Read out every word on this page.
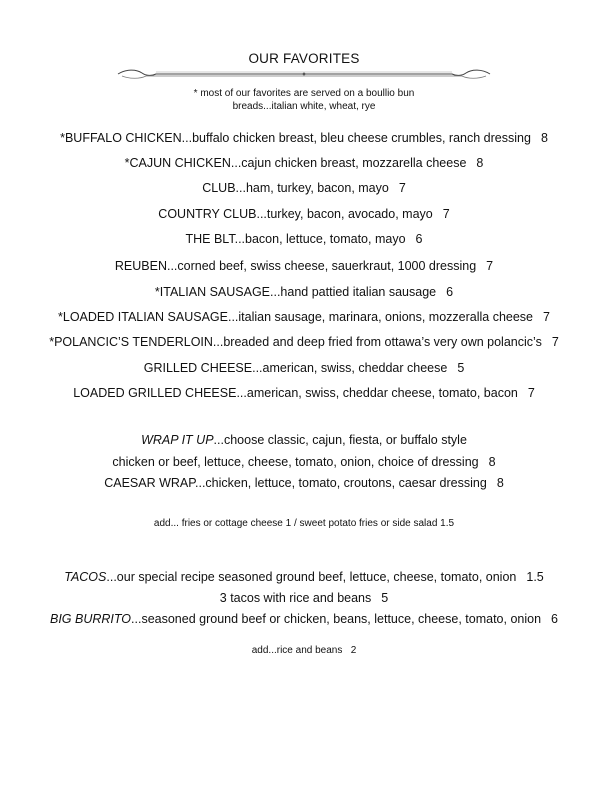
OUR FAVORITES
* most of our favorites are served on a boullio bun
breads...italian white, wheat, rye
*BUFFALO CHICKEN...buffalo chicken breast, bleu cheese crumbles, ranch dressing 8
*CAJUN CHICKEN...cajun chicken breast, mozzarella cheese 8
CLUB...ham, turkey, bacon, mayo 7
COUNTRY CLUB...turkey, bacon, avocado, mayo 7
THE BLT...bacon, lettuce, tomato, mayo 6
REUBEN...corned beef, swiss cheese, sauerkraut, 1000 dressing 7
*ITALIAN SAUSAGE...hand pattied italian sausage 6
*LOADED ITALIAN SAUSAGE...italian sausage, marinara, onions, mozzeralla cheese 7
*POLANCIC’S TENDERLOIN...breaded and deep fried from ottawa’s very own polancic’s 7
GRILLED CHEESE...american, swiss, cheddar cheese 5
LOADED GRILLED CHEESE...american, swiss, cheddar cheese, tomato, bacon 7
WRAP IT UP...choose classic, cajun, fiesta, or buffalo style
chicken or beef, lettuce, cheese, tomato, onion, choice of dressing 8
CAESAR WRAP...chicken, lettuce, tomato, croutons, caesar dressing 8
add... fries or cottage cheese 1 / sweet potato fries or side salad 1.5
TACOS...our special recipe seasoned ground beef, lettuce, cheese, tomato, onion 1.5
3 tacos with rice and beans 5
BIG BURRITO...seasoned ground beef or chicken, beans, lettuce, cheese, tomato, onion 6
add...rice and beans   2
